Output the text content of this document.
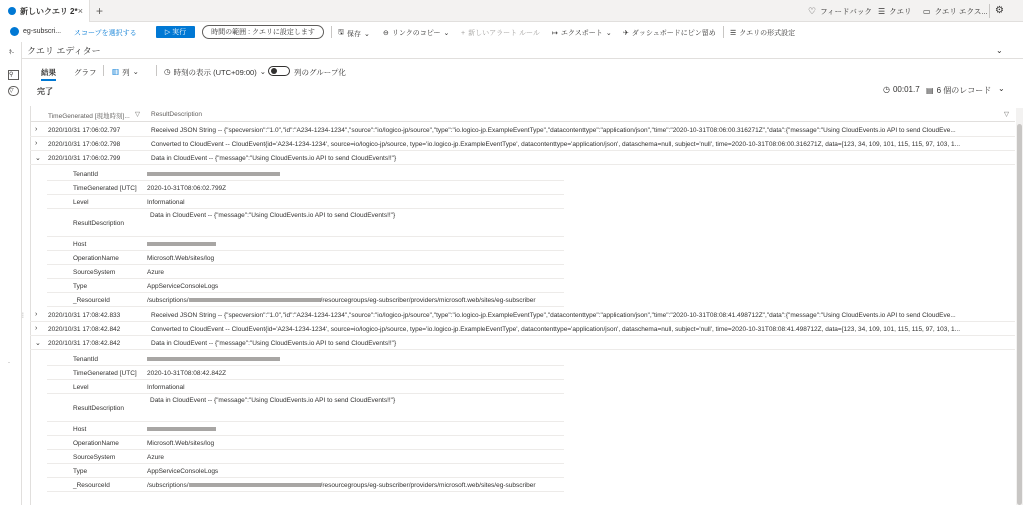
新しいクエリ 2* × +	♡ フィードバック ☰ クエリ ▭ クエリ エクス... ⚙
eg-subscri... スコープを選択する	▷ 実行	時間の範囲 : クエリに設定します	🖫 保存 ⌄ ⊖ リンクのコピー ⌄ + 新しいアラート ルール ↦ エクスポート ⌄ ✈ ダッシュボードにピン留め ☰ クエリの形式設定
ｷ-
⚲
▽
⋮
·
クエリ エディター	⌄
結果 グラフ ▥ 列 ⌄	◷ 時刻の表示 (UTC+09:00) ⌄	列のグループ化
完了	◷ 00:01.7 ▤ 6 個のレコード ⌄
TimeGenerated [現地時刻]... ▽ ResultDescription	▽
› 2020/10/31 17:06:02.797	Received JSON String -- {"specversion":"1.0","id":"A234-1234-1234","source":"io/logico-jp/source","type":"io.logico-jp.ExampleEventType","datacontenttype":"application/json","time":"2020-10-31T08:06:00.316271Z","data":{"message":"Using CloudEvents.io API to send CloudEve...
› 2020/10/31 17:06:02.798	Converted to CloudEvent -- CloudEvent{id='A234-1234-1234', source=io/logico-jp/source, type='io.logico-jp.ExampleEventType', datacontenttype='application/json', dataschema=null, subject='null', time=2020-10-31T08:06:00.316271Z, data=[123, 34, 109, 101, 115, 115, 97, 103, 1...
⌄ 2020/10/31 17:06:02.799	Data in CloudEvent -- {"message":"Using CloudEvents.io API to send CloudEvents!!"}
TenantId
TimeGenerated [UTC] 2020-10-31T08:06:02.799Z
Level	Informational
ResultDescription
Data in CloudEvent -- {"message":"Using CloudEvents.io API to send CloudEvents!!"}
Host
OperationName	Microsoft.Web/sites/log
SourceSystem	Azure
Type	AppServiceConsoleLogs
_ResourceId	/subscriptions/	/resourcegroups/eg-subscriber/providers/microsoft.web/sites/eg-subscriber
› 2020/10/31 17:08:42.833	Received JSON String -- {"specversion":"1.0","id":"A234-1234-1234","source":"io/logico-jp/source","type":"io.logico-jp.ExampleEventType","datacontenttype":"application/json","time":"2020-10-31T08:08:41.498712Z","data":{"message":"Using CloudEvents.io API to send CloudEve...
› 2020/10/31 17:08:42.842	Converted to CloudEvent -- CloudEvent{id='A234-1234-1234', source=io/logico-jp/source, type='io.logico-jp.ExampleEventType', datacontenttype='application/json', dataschema=null, subject='null', time=2020-10-31T08:08:41.498712Z, data=[123, 34, 109, 101, 115, 115, 97, 103, 1...
⌄ 2020/10/31 17:08:42.842	Data in CloudEvent -- {"message":"Using CloudEvents.io API to send CloudEvents!!"}
TenantId
TimeGenerated [UTC] 2020-10-31T08:08:42.842Z
Level	Informational
ResultDescription
Data in CloudEvent -- {"message":"Using CloudEvents.io API to send CloudEvents!!"}
Host
OperationName	Microsoft.Web/sites/log
SourceSystem	Azure
Type	AppServiceConsoleLogs
_ResourceId	/subscriptions/	/resourcegroups/eg-subscriber/providers/microsoft.web/sites/eg-subscriber
